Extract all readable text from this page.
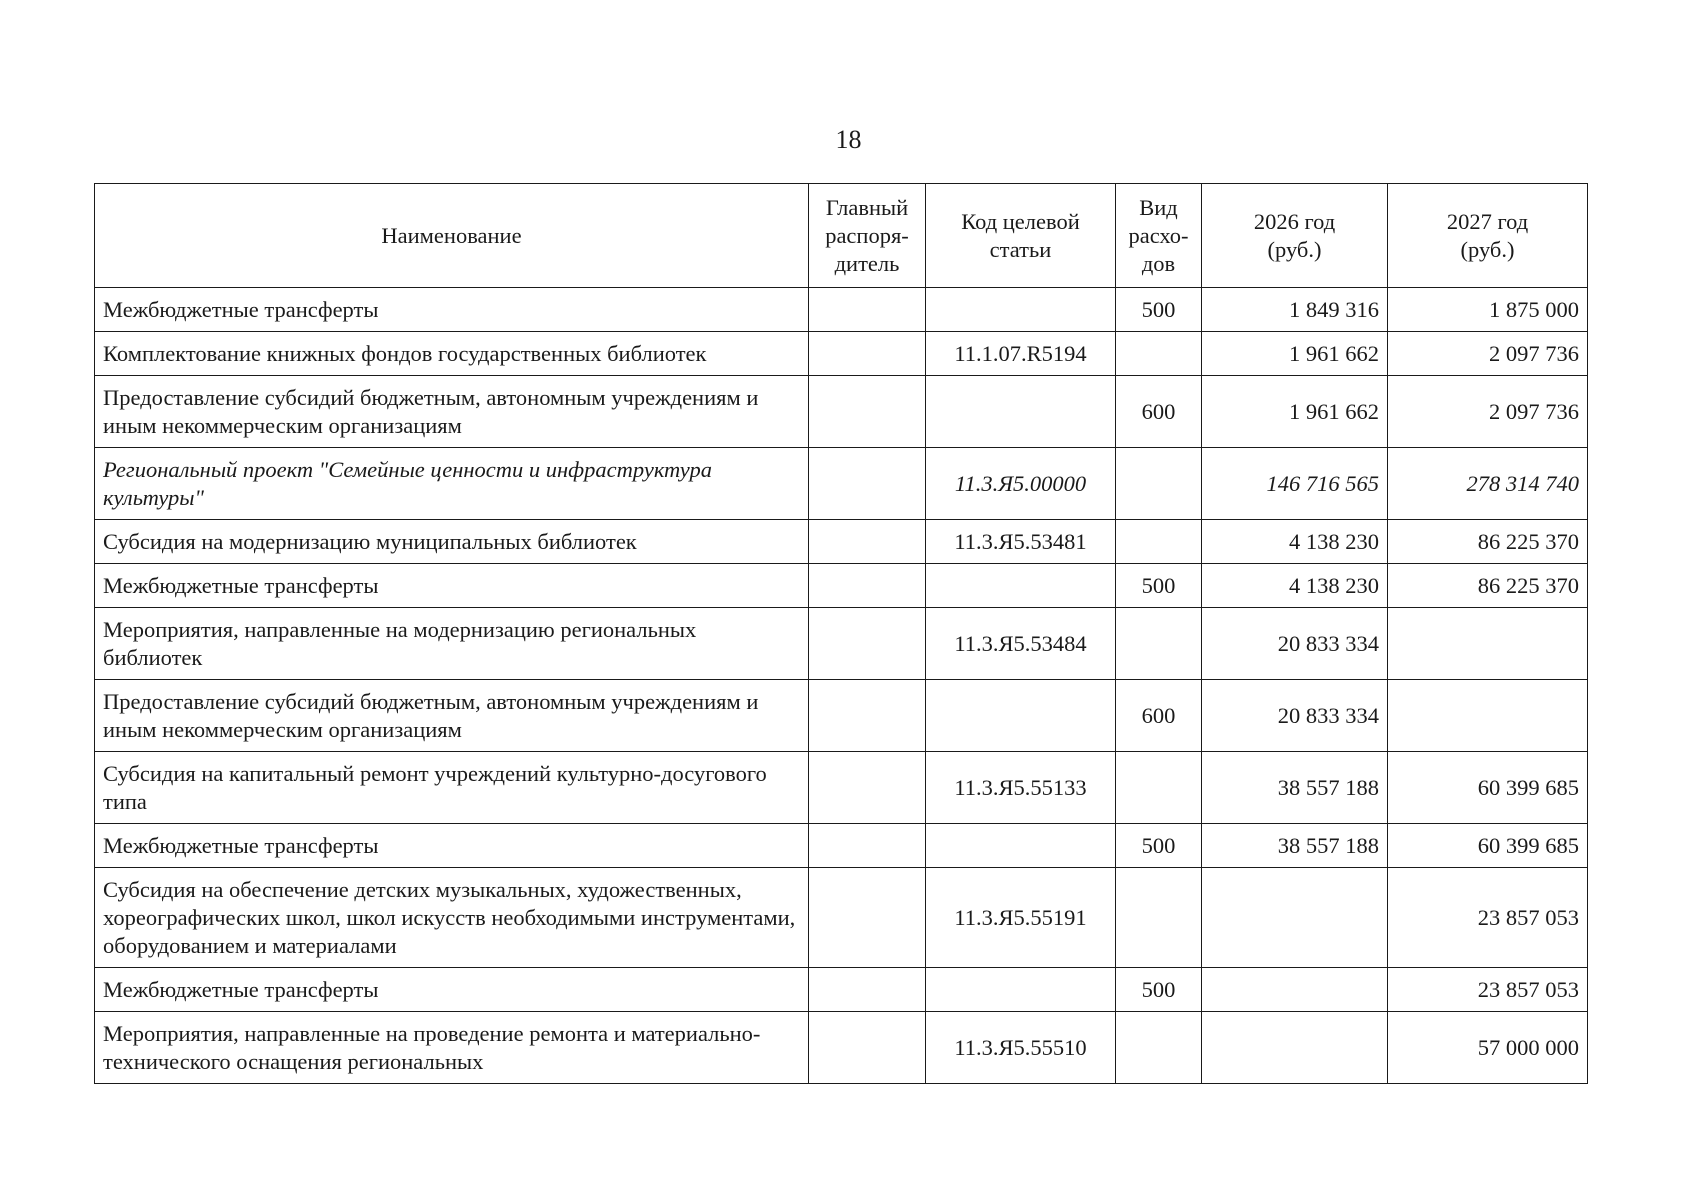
18
Наименование	Главный распоря-дитель	Код целевой статьи	Вид расхо-дов	2026 год (руб.)	2027 год (руб.)
Межбюджетные трансферты			500	1 849 316	1 875 000
Комплектование книжных фондов государственных библиотек		11.1.07.R5194		1 961 662	2 097 736
Предоставление субсидий бюджетным, автономным учреждениям и иным некоммерческим организациям			600	1 961 662	2 097 736
Региональный проект "Семейные ценности и инфраструктура культуры"		11.3.Я5.00000		146 716 565	278 314 740
Субсидия на модернизацию муниципальных библиотек		11.3.Я5.53481		4 138 230	86 225 370
Межбюджетные трансферты			500	4 138 230	86 225 370
Мероприятия, направленные на модернизацию региональных библиотек		11.3.Я5.53484		20 833 334	
Предоставление субсидий бюджетным, автономным учреждениям и иным некоммерческим организациям			600	20 833 334	
Субсидия на капитальный ремонт учреждений культурно-досугового типа		11.3.Я5.55133		38 557 188	60 399 685
Межбюджетные трансферты			500	38 557 188	60 399 685
Субсидия на обеспечение детских музыкальных, художественных, хореографических школ, школ искусств необходимыми инструментами, оборудованием и материалами		11.3.Я5.55191			23 857 053
Межбюджетные трансферты			500		23 857 053
Мероприятия, направленные на проведение ремонта и материально-технического оснащения региональных		11.3.Я5.55510			57 000 000
